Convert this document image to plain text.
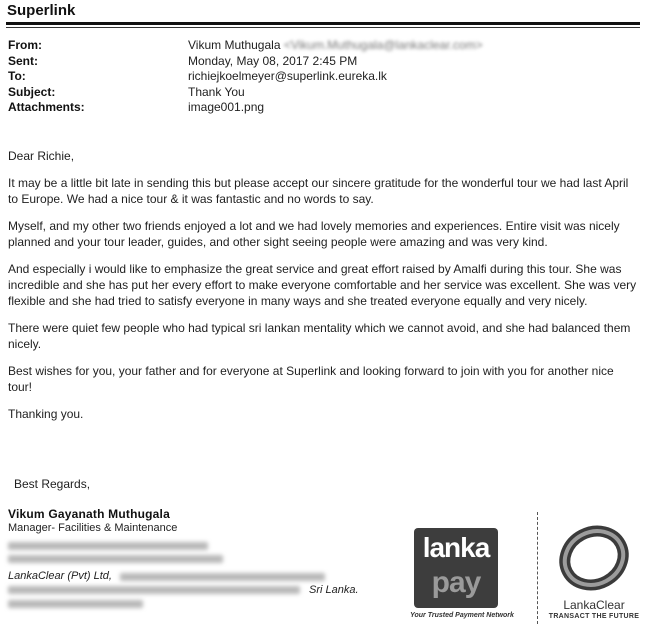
Superlink
From:	Vikum Muthugala <Vikum.Muthugala@lankaclear.com>
Sent:	Monday, May 08, 2017 2:45 PM
To:	richiejkoelmeyer@superlink.eureka.lk
Subject:	Thank You
Attachments:	image001.png

Dear Richie,

It may be a little bit late in sending this but please accept our sincere gratitude for the wonderful tour we had last April to Europe. We had a nice tour & it was fantastic and no words to say.

Myself, and my other two friends enjoyed a lot and we had lovely memories and experiences. Entire visit was nicely planned and your tour leader, guides, and other sight seeing people were amazing and was very kind.

And especially i would like to emphasize the great service and great effort raised by Amalfi during this tour. She was incredible and she has put her every effort to make everyone comfortable and her service was excellent. She was very flexible and she had tried to satisfy everyone in many ways and she treated everyone equally and very nicely.

There were quiet few people who had typical sri lankan mentality which we cannot avoid, and she had balanced them nicely.

Best wishes for you, your father and for everyone at Superlink and looking forward to join with you for another nice tour!

Thanking you.

Best Regards,
Vikum Gayanath Muthugala
Manager- Facilities & Maintenance
LankaClear (Pvt) Ltd,
Sri Lanka.
lanka
pay
Your Trusted Payment Network
LankaClear
TRANSACT THE FUTURE
